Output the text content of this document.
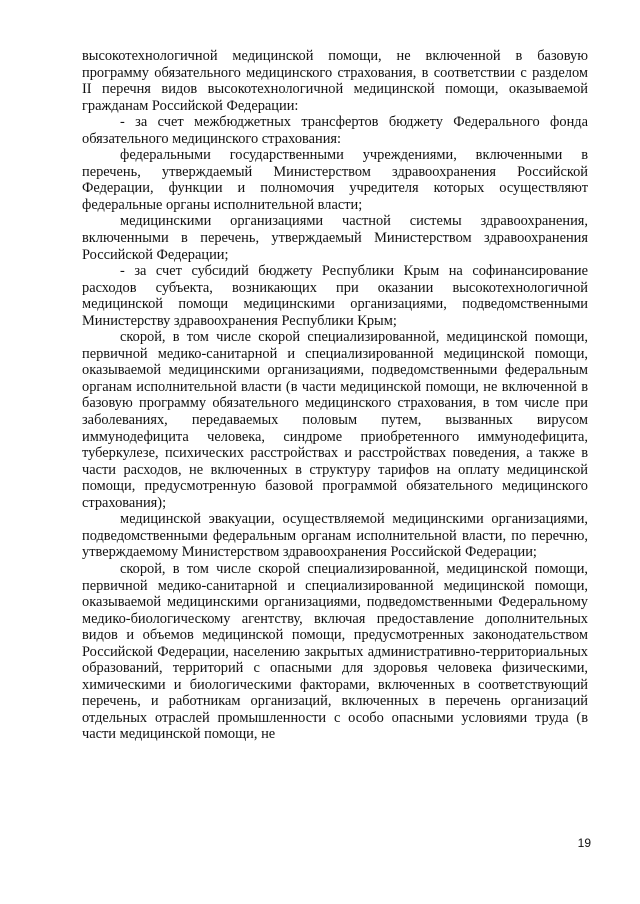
высокотехнологичной медицинской помощи, не включенной в базовую программу обязательного медицинского страхования, в соответствии с разделом II перечня видов высокотехнологичной медицинской помощи, оказываемой гражданам Российской Федерации:

- за счет межбюджетных трансфертов бюджету Федерального фонда обязательного медицинского страхования:

федеральными государственными учреждениями, включенными в перечень, утверждаемый Министерством здравоохранения Российской Федерации, функции и полномочия учредителя которых осуществляют федеральные органы исполнительной власти;

медицинскими организациями частной системы здравоохранения, включенными в перечень, утверждаемый Министерством здравоохранения Российской Федерации;

- за счет субсидий бюджету Республики Крым на софинансирование расходов субъекта, возникающих при оказании высокотехнологичной медицинской помощи медицинскими организациями, подведомственными Министерству здравоохранения Республики Крым;

скорой, в том числе скорой специализированной, медицинской помощи, первичной медико-санитарной и специализированной медицинской помощи, оказываемой медицинскими организациями, подведомственными федеральным органам исполнительной власти (в части медицинской помощи, не включенной в базовую программу обязательного медицинского страхования, в том числе при заболеваниях, передаваемых половым путем, вызванных вирусом иммунодефицита человека, синдроме приобретенного иммунодефицита, туберкулезе, психических расстройствах и расстройствах поведения, а также в части расходов, не включенных в структуру тарифов на оплату медицинской помощи, предусмотренную базовой программой обязательного медицинского страхования);

медицинской эвакуации, осуществляемой медицинскими организациями, подведомственными федеральным органам исполнительной власти, по перечню, утверждаемому Министерством здравоохранения Российской Федерации;

скорой, в том числе скорой специализированной, медицинской помощи, первичной медико-санитарной и специализированной медицинской помощи, оказываемой медицинскими организациями, подведомственными Федеральному медико-биологическому агентству, включая предоставление дополнительных видов и объемов медицинской помощи, предусмотренных законодательством Российской Федерации, населению закрытых административно-территориальных образований, территорий с опасными для здоровья человека физическими, химическими и биологическими факторами, включенных в соответствующий перечень, и работникам организаций, включенных в перечень организаций отдельных отраслей промышленности с особо опасными условиями труда (в части медицинской помощи, не

19
